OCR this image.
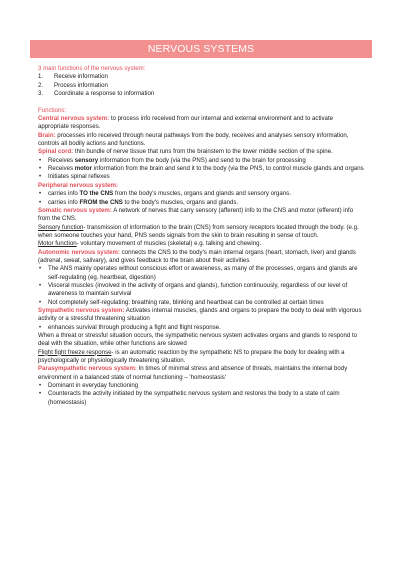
NERVOUS SYSTEMS
3 main functions of the nervous system:
1. Receive information
2. Process information
3. Coordinate a response to information
Functions:
Central nervous system: to process info received from our internal and external environment and to activate appropriate responses.
Brain: processes info received through neural pathways from the body, receives and analyses sensory information, controls all bodily actions and functions.
Spinal cord: thin bundle of nerve tissue that runs from the brainstem to the lower middle section of the spine.
• Receives sensory information from the body (via the PNS) and send to the brain for processing
• Receives motor information from the brain and send it to the body (via the PNS, to control muscle glands and organs
• Initiates spinal reflexes
Peripheral nervous system:
• carries info TO the CNS from the body's muscles, organs and glands and sensory organs.
• carries info FROM the CNS to the body's muscles, organs and glands.
Somatic nervous system: A network of nerves that carry sensory (afferent) info to the CNS and motor (efferent) info from the CNS.
Sensory function- transmission of information to the brain (CNS) from sensory receptors located through the body. (e.g. when someone touches your hand, PNS sends signals from the skin to brain resulting in sense of touch.
Motor function- voluntary movement of muscles (skeletal) e.g. talking and chewing.
Autonomic nervous system: connects the CNS to the body's main internal organs (heart, stomach, liver) and glands (adrenal, sweat, salivary), and gives feedback to the brain about their activities
• The ANS mainly operates without conscious effort or awareness, as many of the processes, organs and glands are self-regulating (eg. heartbeat, digestion)
• Visceral muscles (involved in the activity of organs and glands), function continuously, regardless of our level of awareness to maintain survival
• Not completely self-regulating: breathing rate, blinking and heartbeat can be controlled at certain times
Sympathetic nervous system: Activates internal muscles, glands and organs to prepare the body to deal with vigorous activity or a stressful threatening situation
• enhances survival through producing a fight and flight response.
When a threat or stressful situation occurs, the sympathetic nervous system activates organs and glands to respond to deal with the situation, while other functions are slowed
Flight fight freeze response- is an automatic reaction by the sympathetic NS to prepare the body for dealing with a psychologically or physiologically threatening situation.
Parasympathetic nervous system: In times of minimal stress and absence of threats, maintains the internal body environment in a balanced state of normal functioning – 'homeostasis'
• Dominant in everyday functioning
• Counteracts the activity initiated by the sympathetic nervous system and restores the body to a state of calm (homeostasis)
